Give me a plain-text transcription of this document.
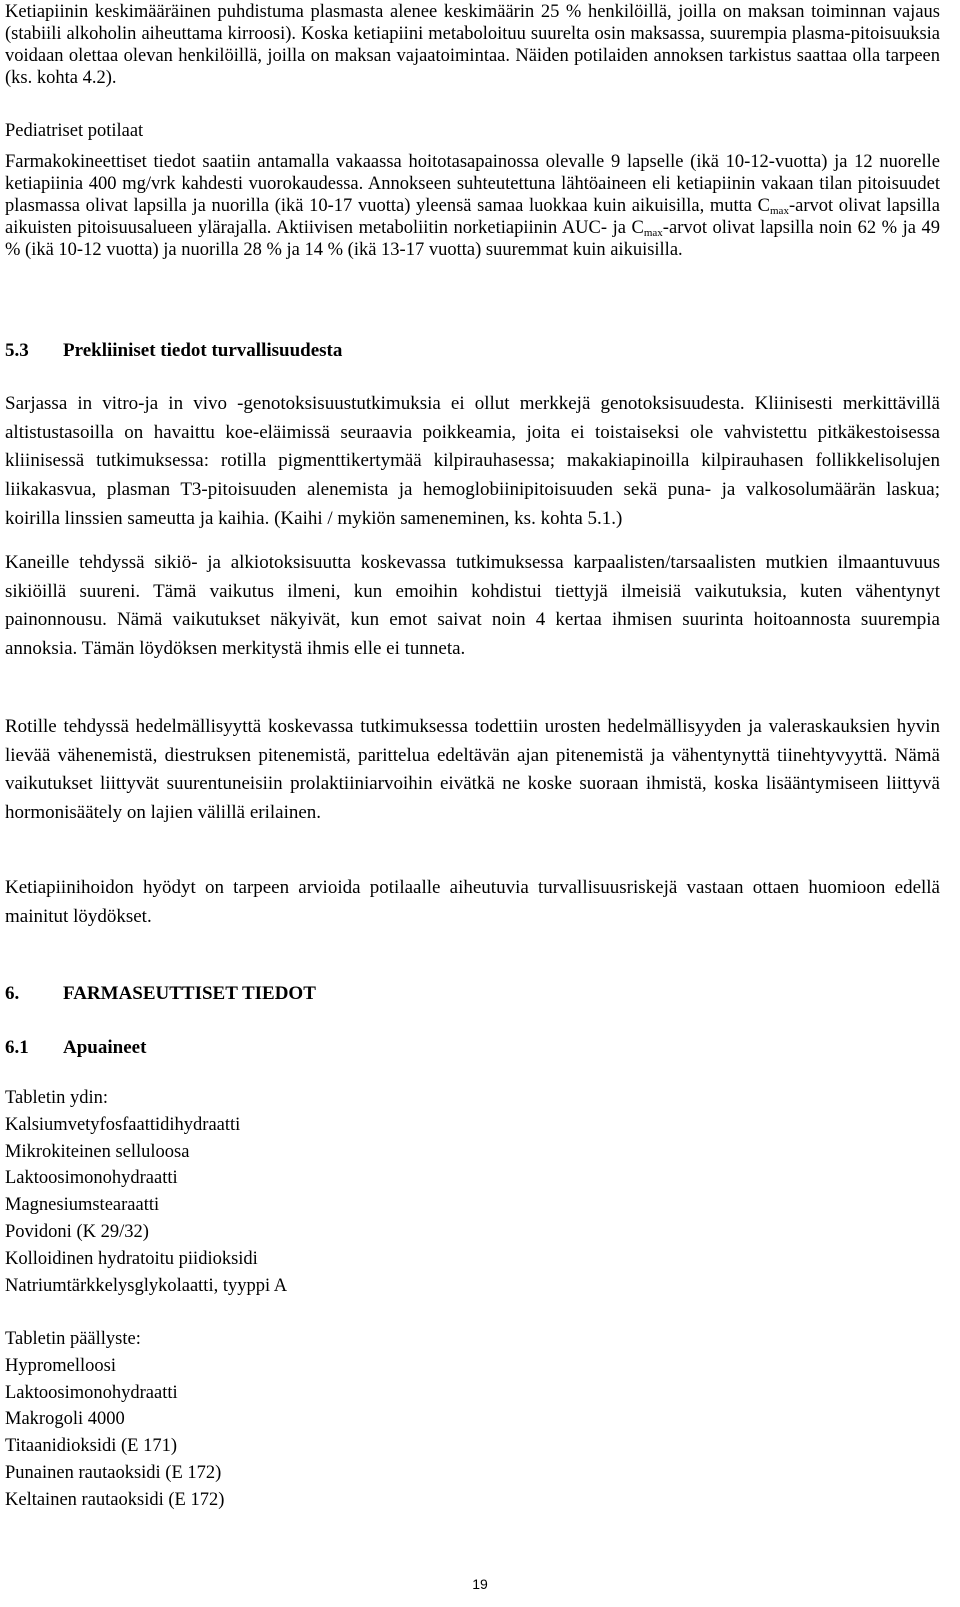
Ketiapiinin keskimääräinen puhdistuma plasmasta alenee keskimäärin 25 % henkilöillä, joilla on maksan toiminnan vajaus (stabiili alkoholin aiheuttama kirroosi). Koska ketiapiini metaboloituu suurelta osin maksassa, suurempia plasma-pitoisuuksia voidaan olettaa olevan henkilöillä, joilla on maksan vajaatoimintaa. Näiden potilaiden annoksen tarkistus saattaa olla tarpeen (ks. kohta 4.2).

Pediatriset potilaat

Farmakokineettiset tiedot saatiin antamalla vakaassa hoitotasapainossa olevalle 9 lapselle (ikä 10-12-vuotta) ja 12 nuorelle ketiapiinia 400 mg/vrk kahdesti vuorokaudessa. Annokseen suhteutettuna lähtöaineen eli ketiapiinin vakaan tilan pitoisuudet plasmassa olivat lapsilla ja nuorilla (ikä 10-17 vuotta) yleensä samaa luokkaa kuin aikuisilla, mutta $C_{max}$-arvot olivat lapsilla aikuisten pitoisuusalueen ylärajalla. Aktiivisen metaboliitin norketiapiinin AUC- ja $C_{max}$-arvot olivat lapsilla noin 62 % ja 49 % (ikä 10-12 vuotta) ja nuorilla 28 % ja 14 % (ikä 13-17 vuotta) suuremmat kuin aikuisilla.

5.3 Prekliiniset tiedot turvallisuudesta

Sarjassa in vitro-ja in vivo -genotoksisuustutkimuksia ei ollut merkkejä genotoksisuudesta. Kliinisesti merkittävillä altistustasoilla on havaittu koe-eläimissä seuraavia poikkeamia, joita ei toistaiseksi ole vahvistettu pitkäkestoisessa kliinisessä tutkimuksessa: rotilla pigmenttikertymää kilpirauhasessa; makakiapinoilla kilpirauhasen follikkelisolujen liikakasvua, plasman T3-pitoisuuden alenemista ja hemoglobiinipitoisuuden sekä puna- ja valkosolumäärän laskua; koirilla linssien sameutta ja kaihia. (Kaihi / mykiön sameneminen, ks. kohta 5.1.)

Kaneille tehdyssä sikiö- ja alkiotoksisuutta koskevassa tutkimuksessa karpaalisten/tarsaalisten mutkien ilmaantuvuus sikiöillä suureni. Tämä vaikutus ilmeni, kun emoihin kohdistui tiettyjä ilmeisiä vaikutuksia, kuten vähentynyt painonnousu. Nämä vaikutukset näkyivät, kun emot saivat noin 4 kertaa ihmisen suurinta hoitoannosta suurempia annoksia. Tämän löydöksen merkitystä ihmis elle ei tunneta.

Rotille tehdyssä hedelmällisyyttä koskevassa tutkimuksessa todettiin urosten hedelmällisyyden ja valeraskauksien hyvin lievää vähenemistä, diestruksen pitenemistä, parittelua edeltävän ajan pitenemistä ja vähentynyttä tiinehtyvyyttä. Nämä vaikutukset liittyvät suurentuneisiin prolaktiiniarvoihin eivätkä ne koske suoraan ihmistä, koska lisääntymiseen liittyvä hormonisäätely on lajien välillä erilainen.

Ketiapiinihoidon hyödyt on tarpeen arvioida potilaalle aiheutuvia turvallisuusriskejä vastaan ottaen huomioon edellä mainitut löydökset.

6. FARMASEUTTISET TIEDOT
6.1 Apuaineet
Tabletin ydin:
Kalsiumvetyfosfaattidihydraatti
Mikrokiteinen selluloosa
Laktoosimonohydraatti
Magnesiumstearaatti
Povidoni (K 29/32)
Kolloidinen hydratoitu piidioksidi
Natriumtärkkelysglykolaatti, tyyppi A
Tabletin päällyste:
Hypromelloosi
Laktoosimonohydraatti
Makrogoli 4000
Titaanidioksidi (E 171)
Punainen rautaoksidi (E 172)
Keltainen rautaoksidi (E 172)
19
